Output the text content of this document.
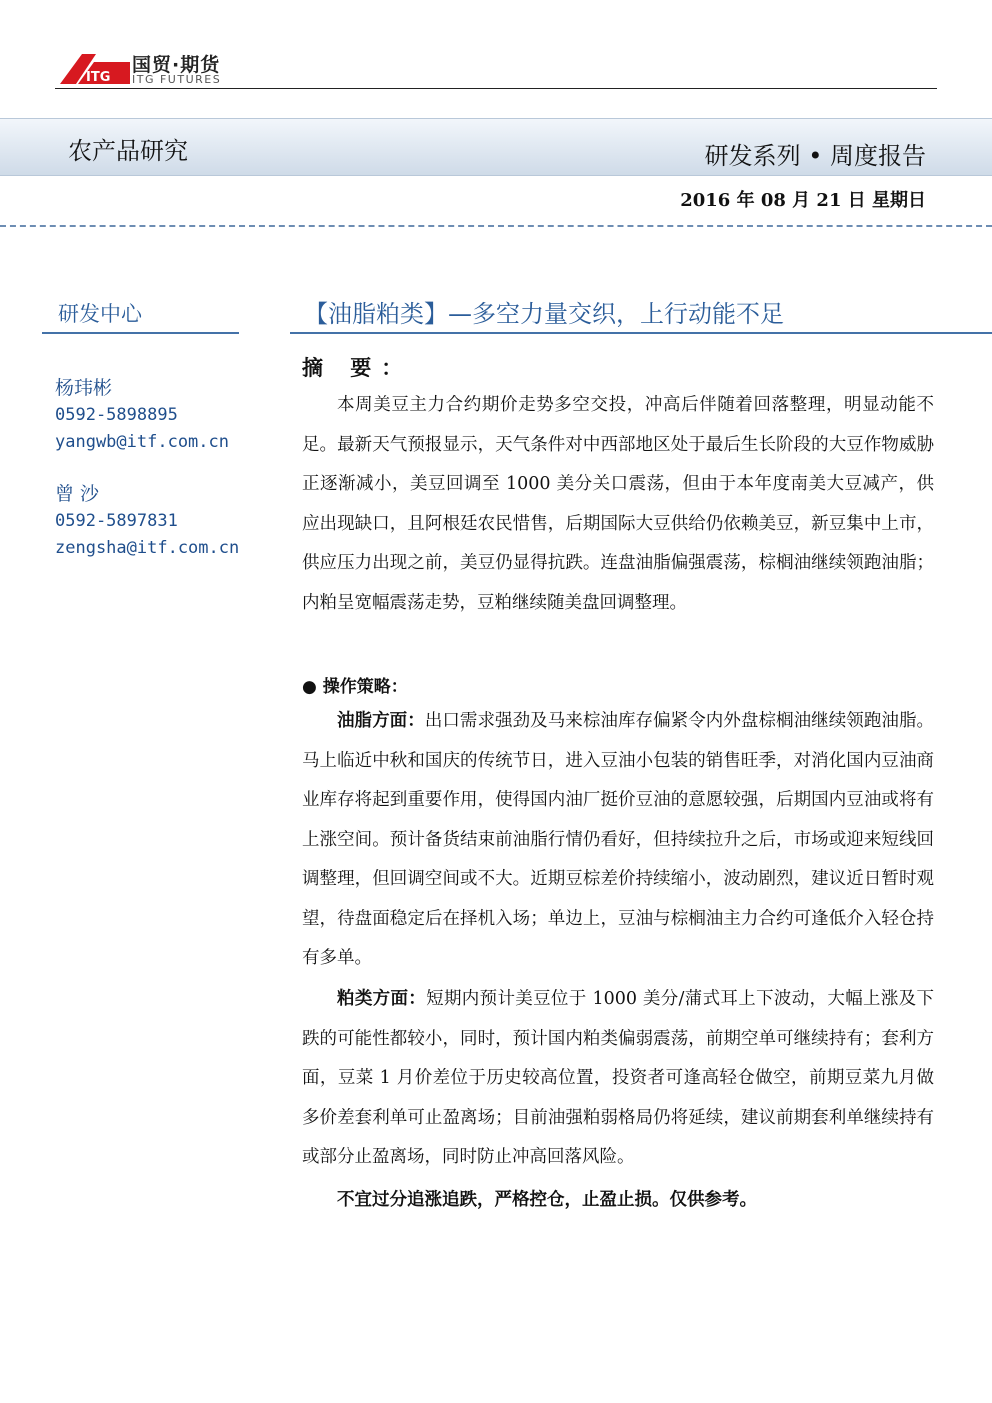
ITG
国贸·期货
ITG FUTURES
农产品研究	研发系列 • 周度报告
2016 年 08 月 21 日 星期日
研发中心
杨玮彬
0592-5898895
yangwb@itf.com.cn
曾 沙
0592-5897831
zengsha@itf.com.cn
【油脂粕类】—多空力量交织，上行动能不足
摘 要：

本周美豆主力合约期价走势多空交投，冲高后伴随着回落整理，明显动能不足。最新天气预报显示，天气条件对中西部地区处于最后生长阶段的大豆作物威胁正逐渐减小，美豆回调至 1000 美分关口震荡，但由于本年度南美大豆减产，供应出现缺口，且阿根廷农民惜售，后期国际大豆供给仍依赖美豆，新豆集中上市，供应压力出现之前，美豆仍显得抗跌。连盘油脂偏强震荡，棕榈油继续领跑油脂；内粕呈宽幅震荡走势，豆粕继续随美盘回调整理。

● 操作策略：

油脂方面：出口需求强劲及马来棕油库存偏紧令内外盘棕榈油继续领跑油脂。马上临近中秋和国庆的传统节日，进入豆油小包装的销售旺季，对消化国内豆油商业库存将起到重要作用，使得国内油厂挺价豆油的意愿较强，后期国内豆油或将有上涨空间。预计备货结束前油脂行情仍看好，但持续拉升之后，市场或迎来短线回调整理，但回调空间或不大。近期豆棕差价持续缩小，波动剧烈，建议近日暂时观望，待盘面稳定后在择机入场；单边上，豆油与棕榈油主力合约可逢低介入轻仓持有多单。

粕类方面：短期内预计美豆位于 1000 美分/蒲式耳上下波动，大幅上涨及下跌的可能性都较小，同时，预计国内粕类偏弱震荡，前期空单可继续持有；套利方面，豆菜 1 月价差位于历史较高位置，投资者可逢高轻仓做空，前期豆菜九月做多价差套利单可止盈离场；目前油强粕弱格局仍将延续，建议前期套利单继续持有或部分止盈离场，同时防止冲高回落风险。

不宜过分追涨追跌，严格控仓，止盈止损。仅供参考。
